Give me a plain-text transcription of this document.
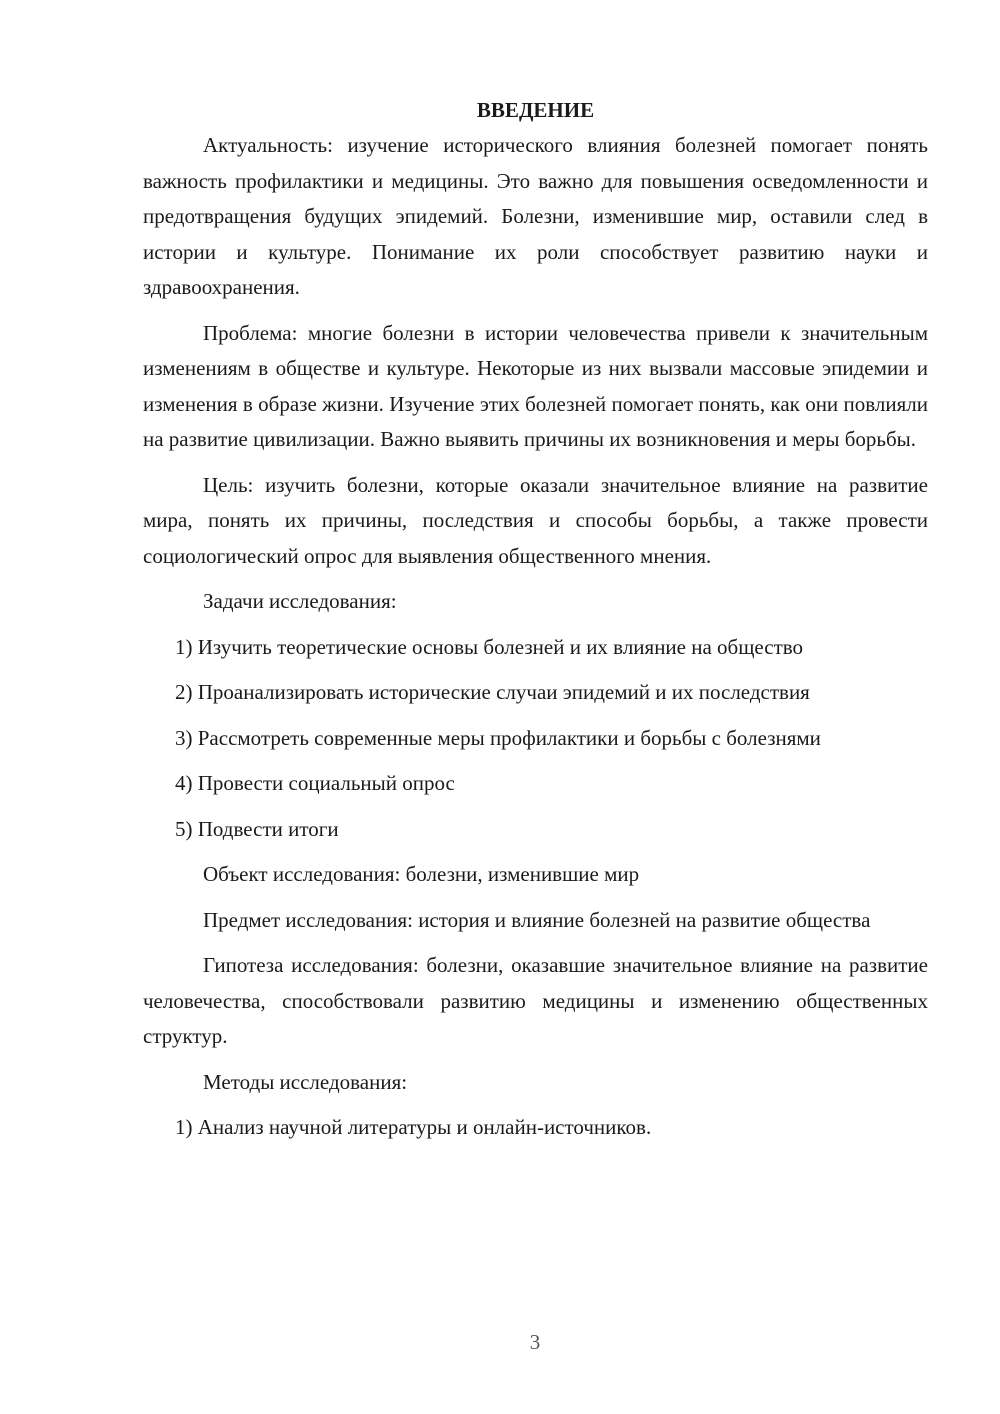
ВВЕДЕНИЕ

Актуальность: изучение исторического влияния болезней помогает понять важность профилактики и медицины. Это важно для повышения осведомленности и предотвращения будущих эпидемий. Болезни, изменившие мир, оставили след в истории и культуре. Понимание их роли способствует развитию науки и здравоохранения.

Проблема: многие болезни в истории человечества привели к значительным изменениям в обществе и культуре. Некоторые из них вызвали массовые эпидемии и изменения в образе жизни. Изучение этих болезней помогает понять, как они повлияли на развитие цивилизации. Важно выявить причины их возникновения и меры борьбы.

Цель: изучить болезни, которые оказали значительное влияние на развитие мира, понять их причины, последствия и способы борьбы, а также провести социологический опрос для выявления общественного мнения.

Задачи исследования:

1) Изучить теоретические основы болезней и их влияние на общество

2) Проанализировать исторические случаи эпидемий и их последствия

3) Рассмотреть современные меры профилактики и борьбы с болезнями

4) Провести социальный опрос

5) Подвести итоги

Объект исследования: болезни, изменившие мир

Предмет исследования: история и влияние болезней на развитие общества

Гипотеза исследования: болезни, оказавшие значительное влияние на развитие человечества, способствовали развитию медицины и изменению общественных структур.

Методы исследования:

1) Анализ научной литературы и онлайн-источников.

3
